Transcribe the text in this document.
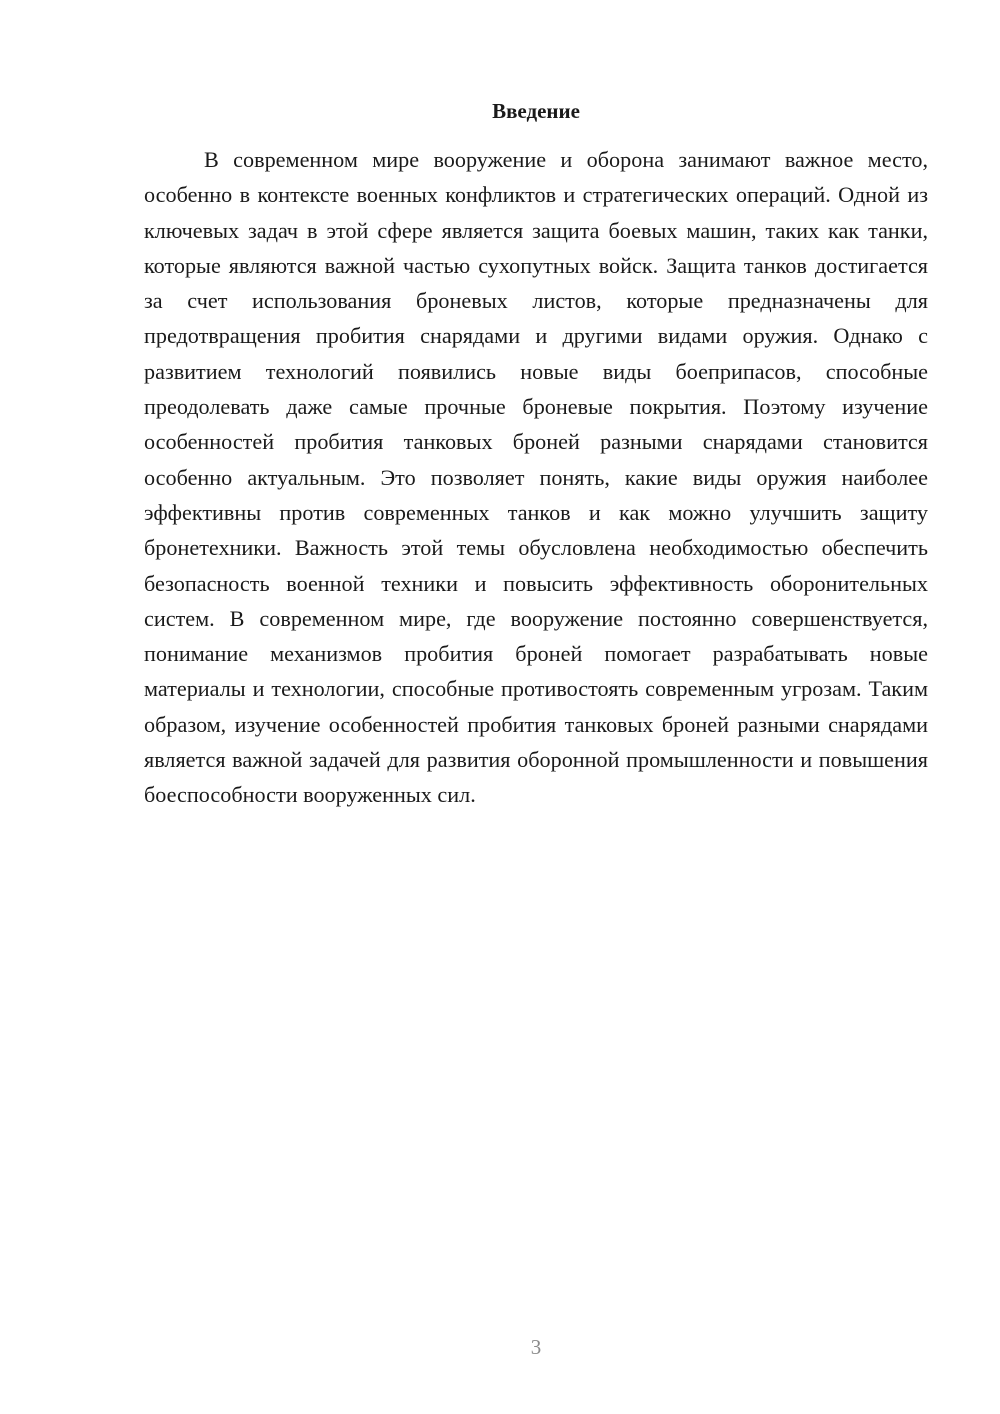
Введение

В современном мире вооружение и оборона занимают важное место, особенно в контексте военных конфликтов и стратегических операций. Одной из ключевых задач в этой сфере является защита боевых машин, таких как танки, которые являются важной частью сухопутных войск. Защита танков достигается за счет использования броневых листов, которые предназначены для предотвращения пробития снарядами и другими видами оружия. Однако с развитием технологий появились новые виды боеприпасов, способные преодолевать даже самые прочные броневые покрытия. Поэтому изучение особенностей пробития танковых броней разными снарядами становится особенно актуальным. Это позволяет понять, какие виды оружия наиболее эффективны против современных танков и как можно улучшить защиту бронетехники. Важность этой темы обусловлена необходимостью обеспечить безопасность военной техники и повысить эффективность оборонительных систем. В современном мире, где вооружение постоянно совершенствуется, понимание механизмов пробития броней помогает разрабатывать новые материалы и технологии, способные противостоять современным угрозам. Таким образом, изучение особенностей пробития танковых броней разными снарядами является важной задачей для развития оборонной промышленности и повышения боеспособности вооруженных сил.

3
